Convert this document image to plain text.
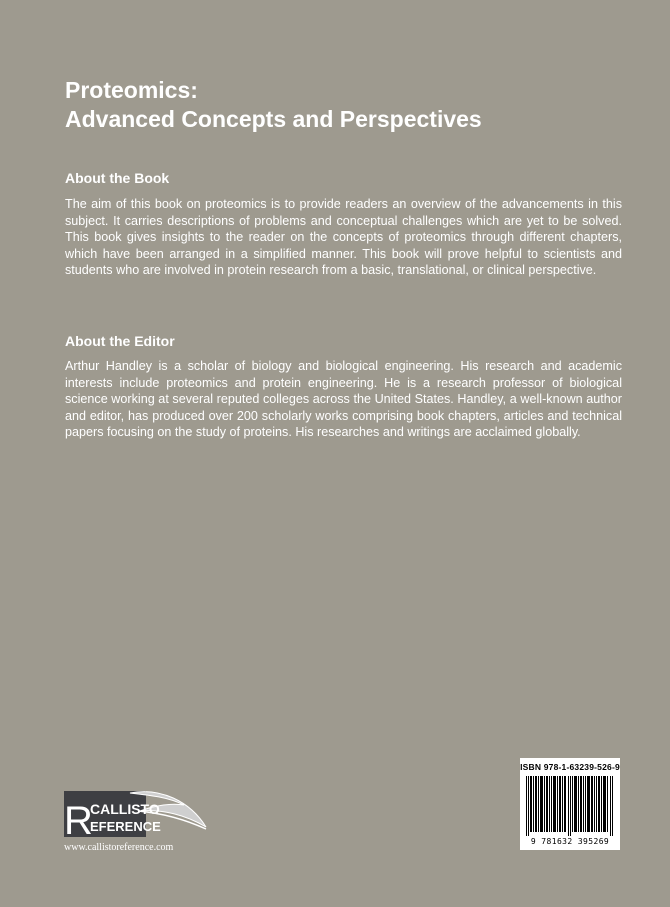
Proteomics:
Advanced Concepts and Perspectives
About the Book

The aim of this book on proteomics is to provide readers an overview of the advancements in this subject. It carries descriptions of problems and conceptual challenges which are yet to be solved. This book gives insights to the reader on the concepts of proteomics through different chapters, which have been arranged in a simplified manner. This book will prove helpful to scientists and students who are involved in protein research from a basic, translational, or clinical perspective.

About the Editor

Arthur Handley is a scholar of biology and biological engineering. His research and academic interests include proteomics and protein engineering. He is a research professor of biological science working at several reputed colleges across the United States. Handley, a well-known author and editor, has produced over 200 scholarly works comprising book chapters, articles and technical papers focusing on the study of proteins. His researches and writings are acclaimed globally.

ISBN 978-1-63239-526-9
9 781632 395269
R
CALLISTO
EFERENCE
www.callistoreference.com
